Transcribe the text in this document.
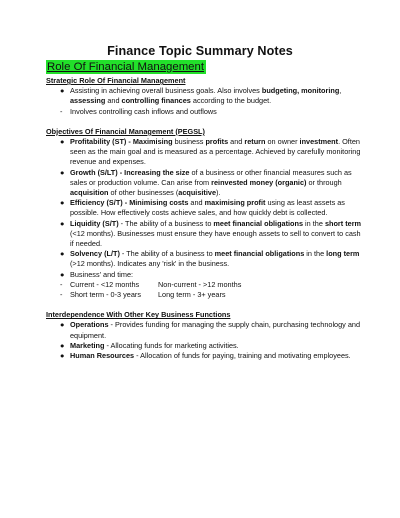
Finance Topic Summary Notes
Role Of Financial Management

Strategic Role Of Financial Management

● Assisting in achieving overall business goals. Also involves budgeting, monitoring, assessing and controlling finances according to the budget.
- Involves controlling cash inflows and outflows

Objectives Of Financial Management (PEGSL)

● Profitability (ST) - Maximising business profits and return on owner investment. Often seen as the main goal and is measured as a percentage. Achieved by carefully monitoring revenue and expenses.
● Growth (S/LT) - Increasing the size of a business or other financial measures such as sales or production volume. Can arise from reinvested money (organic) or through acquisition of other businesses (acquisitive).
● Efficiency (S/T) - Minimising costs and maximising profit using as least assets as possible. How effectively costs achieve sales, and how quickly debt is collected.
● Liquidity (S/T) - The ability of a business to meet financial obligations in the short term (<12 months). Businesses must ensure they have enough assets to sell to convert to cash if needed.
● Solvency (L/T) - The ability of a business to meet financial obligations in the long term (>12 months). Indicates any 'risk' in the business.
● Business' and time:
- Current - <12 months	Non-current - >12 months
- Short term - 0-3 years	Long term - 3+ years

Interdependence With Other Key Business Functions

● Operations - Provides funding for managing the supply chain, purchasing technology and equipment.
● Marketing - Allocating funds for marketing activities.
● Human Resources - Allocation of funds for paying, training and motivating employees.
